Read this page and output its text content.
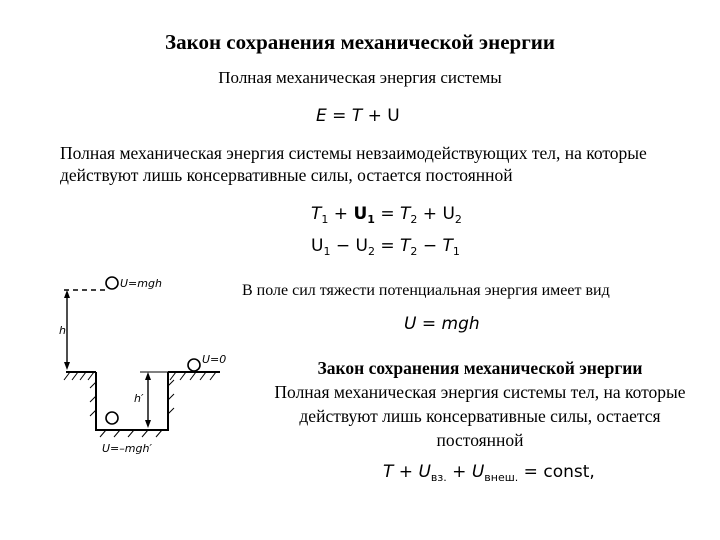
Закон сохранения механической энергии
Полная механическая энергия системы
E = T + U
Полная механическая энергия системы невзаимодействующих тел, на которые действуют лишь консервативные силы, остается постоянной
$T_1 + U_1 = T_2 + U_2$
$U_1 - U_2 = T_2 - T_1$
В поле сил тяжести потенциальная энергия имеет вид
U = mgh
Закон сохранения механической энергии
Полная механическая энергия системы тел, на которые действуют лишь консервативные силы, остается постоянной
$T + U_{вз.} + U_{внеш.}$ = const,
U=mgh
h
U=0
h′
U=–mgh′
